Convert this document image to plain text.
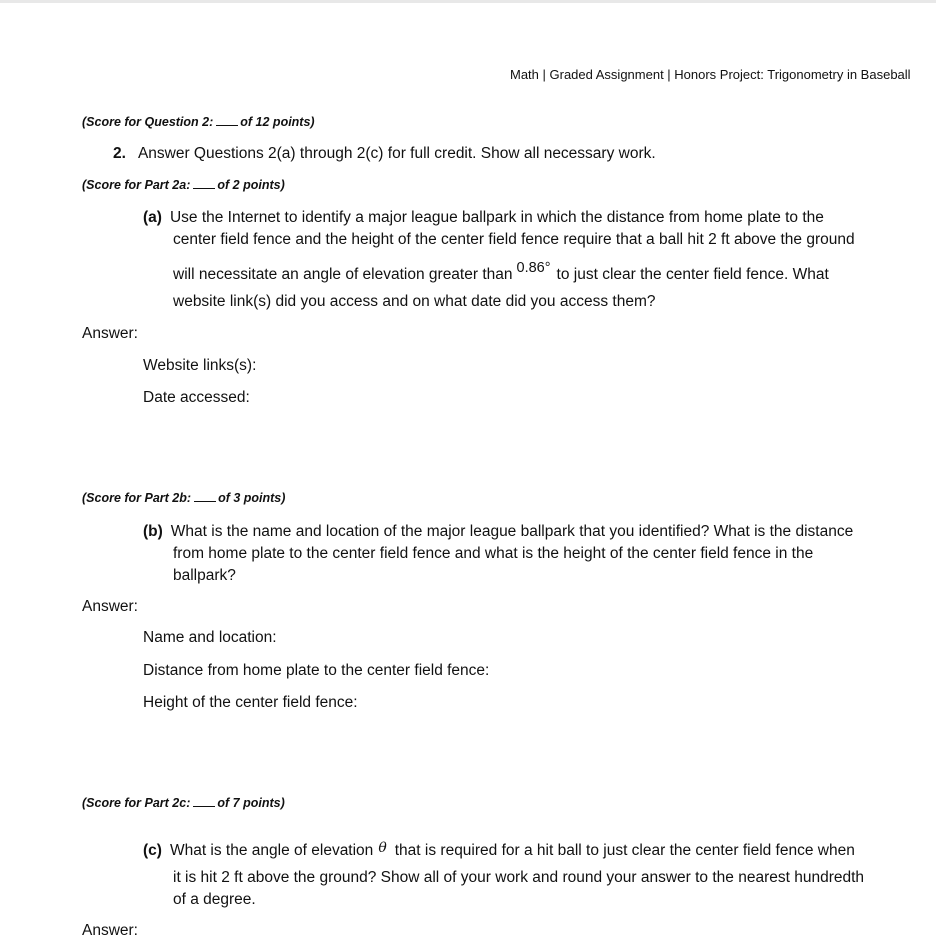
Math | Graded Assignment | Honors Project: Trigonometry in Baseball
(Score for Question 2: of 12 points)
2. Answer Questions 2(a) through 2(c) for full credit. Show all necessary work.
(Score for Part 2a: of 2 points)
(a) Use the Internet to identify a major league ballpark in which the distance from home plate to the
center field fence and the height of the center field fence require that a ball hit 2 ft above the ground
will necessitate an angle of elevation greater than 0.86° to just clear the center field fence. What
website link(s) did you access and on what date did you access them?
Answer:
Website links(s):
Date accessed:
(Score for Part 2b: of 3 points)
(b) What is the name and location of the major league ballpark that you identified? What is the distance
from home plate to the center field fence and what is the height of the center field fence in the
ballpark?
Answer:
Name and location:
Distance from home plate to the center field fence:
Height of the center field fence:
(Score for Part 2c: of 7 points)
(c) What is the angle of elevation θ that is required for a hit ball to just clear the center field fence when
it is hit 2 ft above the ground? Show all of your work and round your answer to the nearest hundredth
of a degree.
Answer:
